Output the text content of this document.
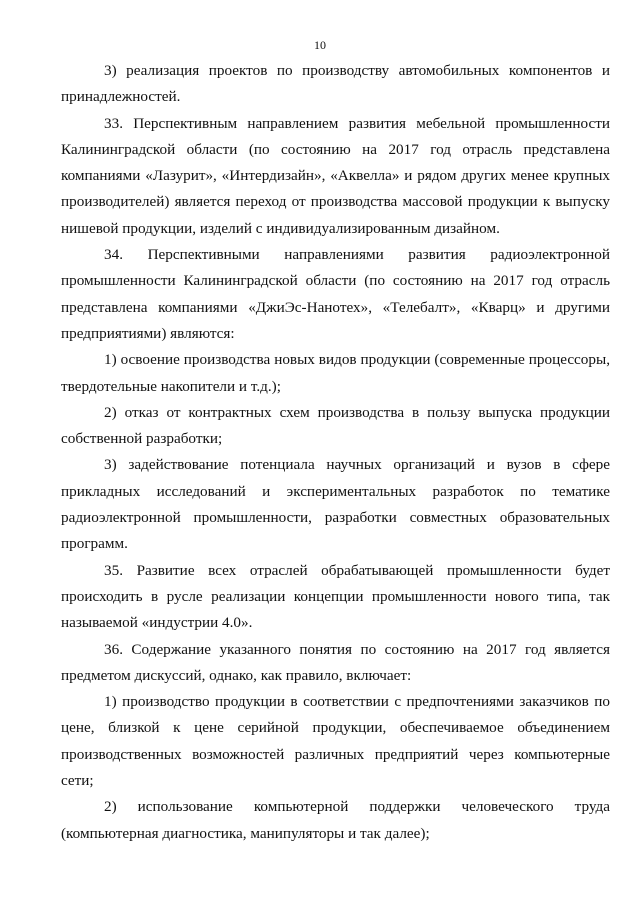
10

3) реализация проектов по производству автомобильных компонентов и принадлежностей.

33. Перспективным направлением развития мебельной промышленности Калининградской области (по состоянию на 2017 год отрасль представлена компаниями «Лазурит», «Интердизайн», «Аквелла» и рядом других менее крупных производителей) является переход от производства массовой продукции к выпуску нишевой продукции, изделий с индивидуализированным дизайном.

34. Перспективными направлениями развития радиоэлектронной промышленности Калининградской области (по состоянию на 2017 год отрасль представлена компаниями «ДжиЭс-Нанотех», «Телебалт», «Кварц» и другими предприятиями) являются:

1) освоение производства новых видов продукции (современные процессоры, твердотельные накопители и т.д.);

2) отказ от контрактных схем производства в пользу выпуска продукции собственной разработки;

3) задействование потенциала научных организаций и вузов в сфере прикладных исследований и экспериментальных разработок по тематике радиоэлектронной промышленности, разработки совместных образовательных программ.

35. Развитие всех отраслей обрабатывающей промышленности будет происходить в русле реализации концепции промышленности нового типа, так называемой «индустрии 4.0».

36. Содержание указанного понятия по состоянию на 2017 год является предметом дискуссий, однако, как правило, включает:

1) производство продукции в соответствии с предпочтениями заказчиков по цене, близкой к цене серийной продукции, обеспечиваемое объединением производственных возможностей различных предприятий через компьютерные сети;

2) использование компьютерной поддержки человеческого труда (компьютерная диагностика, манипуляторы и так далее);
